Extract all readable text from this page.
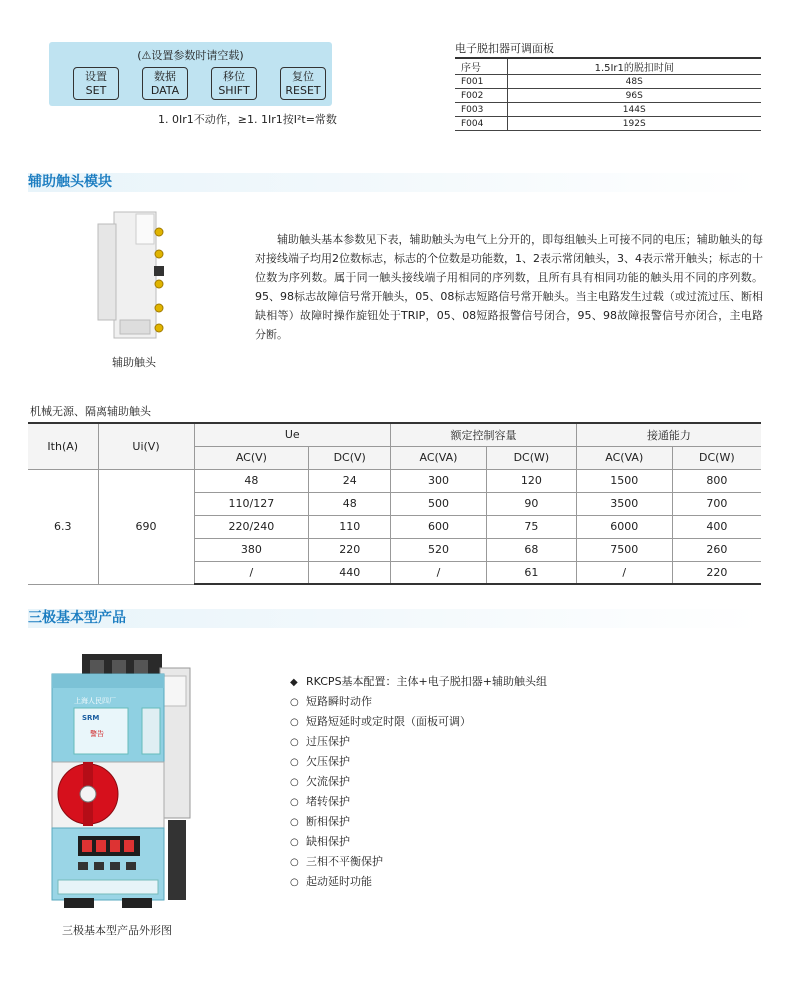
(⚠设置参数时请空载)
设置
SET
数据
DATA
移位
SHIFT
复位
RESET
1. 0Ir1不动作，≥1. 1Ir1按I²t=常数
电子脱扣器可调面板
序号	1.5Ir1的脱扣时间
F001	48S
F002	96S
F003	144S
F004	192S
辅助触头模块
辅助触头
辅助触头基本参数见下表，辅助触头为电气上分开的，即每组触头上可接不同的电压；辅助触头的每对接线端子均用2位数标志，标志的个位数是功能数，1、2表示常闭触头，3、4表示常开触头；标志的十位数为序列数。属于同一触头接线端子用相同的序列数，且所有具有相同功能的触头用不同的序列数。95、98标志故障信号常开触头，05、08标志短路信号常开触头。当主电路发生过载（或过流过压、断相缺相等）故障时操作旋钮处于TRIP，05、08短路报警信号闭合，95、98故障报警信号亦闭合，主电路分断。
机械无源、隔离辅助触头
Ith(A)	Ui(V)	Ue		额定控制容量		接通能力	
		AC(V)	DC(V)	AC(VA)	DC(W)	AC(VA)	DC(W)
6.3	690	48	24	300	120	1500	800
		110/127	48	500	90	3500	700
		220/240	110	600	75	6000	400
		380	220	520	68	7500	260
		/	440	/	61	/	220
三极基本型产品
上海人民四厂
SRM
警告
三极基本型产品外形图
◆ RKCPS基本配置：主体+电子脱扣器+辅助触头组
○ 短路瞬时动作
○ 短路短延时或定时限（面板可调）
○ 过压保护
○ 欠压保护
○ 欠流保护
○ 堵转保护
○ 断相保护
○ 缺相保护
○ 三相不平衡保护
○ 起动延时功能
